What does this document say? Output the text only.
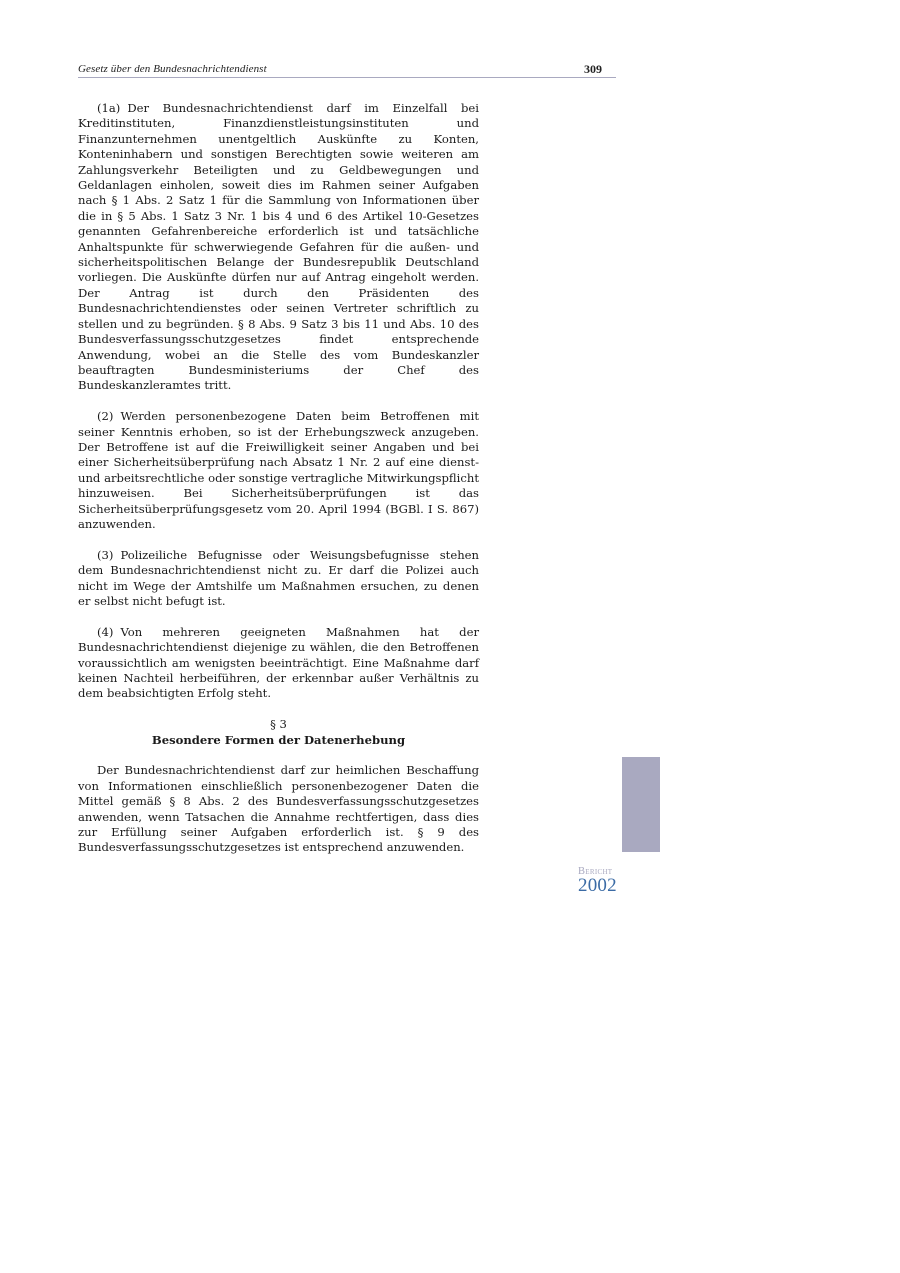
Gesetz über den Bundesnachrichtendienst	309

(1a) Der Bundesnachrichtendienst darf im Einzelfall bei Kreditinstituten, Finanzdienstleistungsinstituten und Finanzunternehmen unentgeltlich Auskünfte zu Konten, Konteninhabern und sonstigen Berechtigten sowie weiteren am Zahlungsverkehr Beteiligten und zu Geldbewegungen und Geldanlagen einholen, soweit dies im Rahmen seiner Aufgaben nach § 1 Abs. 2 Satz 1 für die Sammlung von Informationen über die in § 5 Abs. 1 Satz 3 Nr. 1 bis 4 und 6 des Artikel 10-Gesetzes genannten Gefahrenbereiche erforderlich ist und tatsächliche Anhaltspunkte für schwerwiegende Gefahren für die außen- und sicherheitspolitischen Belange der Bundesrepublik Deutschland vorliegen. Die Auskünfte dürfen nur auf Antrag eingeholt werden. Der Antrag ist durch den Präsidenten des Bundesnachrichtendienstes oder seinen Vertreter schriftlich zu stellen und zu begründen. § 8 Abs. 9 Satz 3 bis 11 und Abs. 10 des Bundesverfassungsschutzgesetzes findet entsprechende Anwendung, wobei an die Stelle des vom Bundeskanzler beauftragten Bundesministeriums der Chef des Bundeskanzleramtes tritt.

(2) Werden personenbezogene Daten beim Betroffenen mit seiner Kenntnis erhoben, so ist der Erhebungszweck anzugeben. Der Betroffene ist auf die Freiwilligkeit seiner Angaben und bei einer Sicherheitsüberprüfung nach Absatz 1 Nr. 2 auf eine dienst- und arbeitsrechtliche oder sonstige vertragliche Mitwirkungspflicht hinzuweisen. Bei Sicherheitsüberprüfungen ist das Sicherheitsüberprüfungsgesetz vom 20. April 1994 (BGBl. I S. 867) anzuwenden.

(3) Polizeiliche Befugnisse oder Weisungsbefugnisse stehen dem Bundesnachrichtendienst nicht zu. Er darf die Polizei auch nicht im Wege der Amtshilfe um Maßnahmen ersuchen, zu denen er selbst nicht befugt ist.

(4) Von mehreren geeigneten Maßnahmen hat der Bundesnachrichtendienst diejenige zu wählen, die den Betroffenen voraussichtlich am wenigsten beeinträchtigt. Eine Maßnahme darf keinen Nachteil herbeiführen, der erkennbar außer Verhältnis zu dem beabsichtigten Erfolg steht.

§ 3
Besondere Formen der Datenerhebung

Der Bundesnachrichtendienst darf zur heimlichen Beschaffung von Informationen einschließlich personenbezogener Daten die Mittel gemäß § 8 Abs. 2 des Bundesverfassungsschutzgesetzes anwenden, wenn Tatsachen die Annahme rechtfertigen, dass dies zur Erfüllung seiner Aufgaben erforderlich ist. § 9 des Bundesverfassungsschutzgesetzes ist entsprechend anzuwenden.

Bericht
2002
